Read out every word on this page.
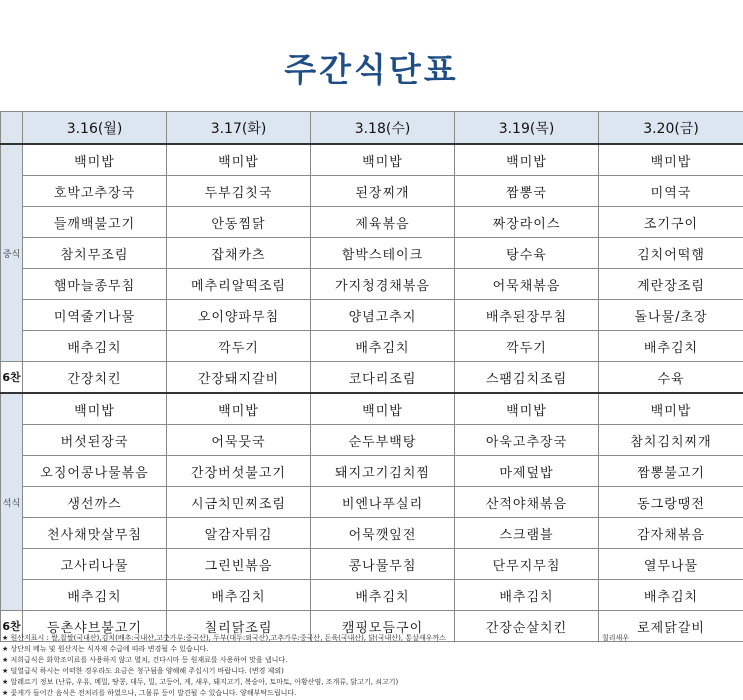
주간식단표
	3.16(월)	3.17(화)	3.18(수)	3.19(목)	3.20(금)
중식	백미밥	백미밥	백미밥	백미밥	백미밥
	호박고추장국	두부김칫국	된장찌개	짬뽕국	미역국
	들깨백불고기	안동찜닭	제육볶음	짜장라이스	조기구이
	참치무조림	잡채카츠	함박스테이크	탕수육	김치어떡햄
	햄마늘종무침	메추리알떡조림	가지청경채볶음	어묵채볶음	계란장조림
	미역줄기나물	오이양파무침	양념고추지	배추된장무침	돌나물/초장
	배추김치	깍두기	배추김치	깍두기	배추김치
6찬	간장치킨	간장돼지갈비	코다리조림	스팸김치조림	수육
석식	백미밥	백미밥	백미밥	백미밥	백미밥
	버섯된장국	어묵뭇국	순두부백탕	아욱고추장국	참치김치찌개
	오징어콩나물볶음	간장버섯불고기	돼지고기김치찜	마제덮밥	짬뽕불고기
	생선까스	시금치민찌조림	비엔나푸실리	산적야채볶음	동그랑땡전
	천사채맛살무침	알감자튀김	어묵깻잎전	스크램블	감자채볶음
	고사리나물	그린빈볶음	콩나물무침	단무지무침	열무나물
	배추김치	배추김치	배추김치	배추김치	배추김치
6찬	등촌샤브불고기	칠리닭조림	캠핑모듬구이	간장순살치킨	로제닭갈비
★ 원산지표시 : 쌀,찹쌀(국내산),김치(배추:국내산,고춧가루:중국산), 두부(대두:외국산),고추가루:중국산, 돈육(국내산), 닭(국내산), 통살새우까스
★ 상단의 메뉴 및 원산지는 식자재 수급에 따라 변경될 수 있습니다.
★ 저희급식은 화학조미료를 사용하지 않고 멸치, 건다시마 등 원재료를 사용하여 맛을 냅니다.
★ 덜열급식 하시는 어떠한 경우라도 요금은 청구됨을 양해해 주십시기 바랍니다. (변경 제외)
★ 알레르기 정보 (난류, 우유, 메밀, 땅콩, 대두, 밀, 고등어, 게, 새우, 돼지고기, 복숭아, 토마토, 아황산염, 조개류, 닭고기, 쇠고기)
★ 꽃게가 들어간 음식은 전처리를 하였으나, 그물류 등이 발견될 수 있습니다. 양해부탁드립니다.
칠리새우
